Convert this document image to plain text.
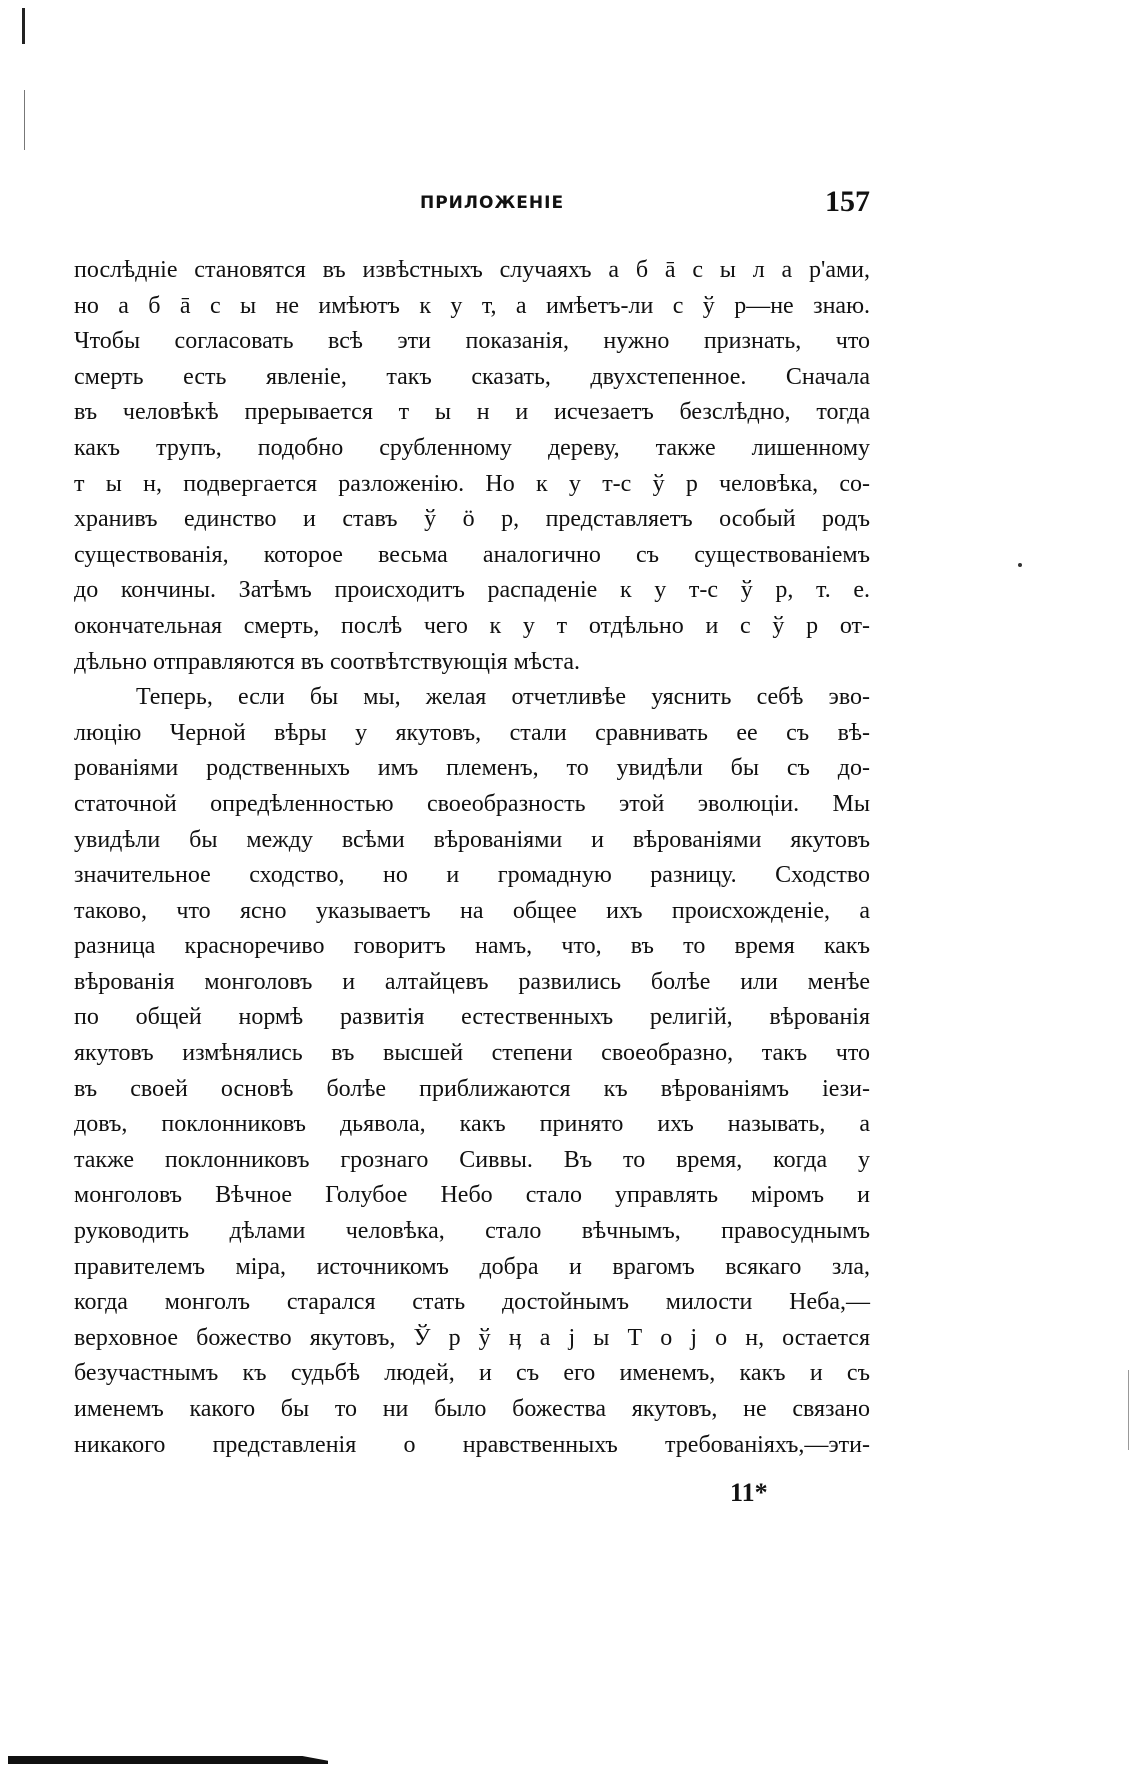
ПРИЛОЖЕНІЕ	157
послѣднiе становятся въ извѣстныхъ случаяхъ а б ā с ы л а р'ами,
но а б ā с ы не имѣютъ к у т, а имѣетъ-ли с ў р—не знаю.
Чтобы согласовать всѣ эти показанія, нужно признать, что
смерть есть явленіе, такъ сказать, двухстепенное. Сначала
въ человѣкѣ прерывается т ы н и исчезаетъ безслѣдно, тогда
какъ трупъ, подобно срубленному дереву, также лишенному
т ы н, подвергается разложенію. Но к у т-с ў р человѣка, со-
хранивъ единство и ставъ ў ö р, представляетъ особый родъ
существованія, которое весьма аналогично съ существованіемъ
до кончины. Затѣмъ происходитъ распаденіе к у т-с ў р, т. е.
окончательная смерть, послѣ чего к у т отдѣльно и с ў р от-
дѣльно отправляются въ соотвѣтствующія мѣста.
Теперь, если бы мы, желая отчетливѣе уяснить себѣ эво-
люцію Черной вѣры у якутовъ, стали сравнивать ее съ вѣ-
рованіями родственныхъ имъ племенъ, то увидѣли бы съ до-
статочной опредѣленностью своеобразность этой эволюціи. Мы
увидѣли бы между всѣми вѣрованіями и вѣрованіями якутовъ
значительное сходство, но и громадную разницу. Сходство
таково, что ясно указываетъ на общее ихъ происхожденіе, а
разница красноречиво говоритъ намъ, что, въ то время какъ
вѣрованія монголовъ и алтайцевъ развились болѣе или менѣе
по общей нормѣ развитія естественныхъ религій, вѣрованія
якутовъ измѣнялись въ высшей степени своеобразно, такъ что
въ своей основѣ болѣе приближаются къ вѣрованіямъ іези-
довъ, поклонниковъ дьявола, какъ принято ихъ называть, а
также поклонниковъ грознаго Сиввы. Въ то время, когда у
монголовъ Вѣчное Голубое Небо стало управлять міромъ и
руководить дѣлами человѣка, стало вѣчнымъ, правосуднымъ
правителемъ міра, источникомъ добра и врагомъ всякаго зла,
когда монголъ старался стать достойнымъ милости Неба,—
верховное божество якутовъ, Ў р ў ӊ а ј ы Т о ј о н, остается
безучастнымъ къ судьбѣ людей, и съ его именемъ, какъ и съ
именемъ какого бы то ни было божества якутовъ, не связано
никакого представленія о нравственныхъ требованіяхъ,—эти-
11*
